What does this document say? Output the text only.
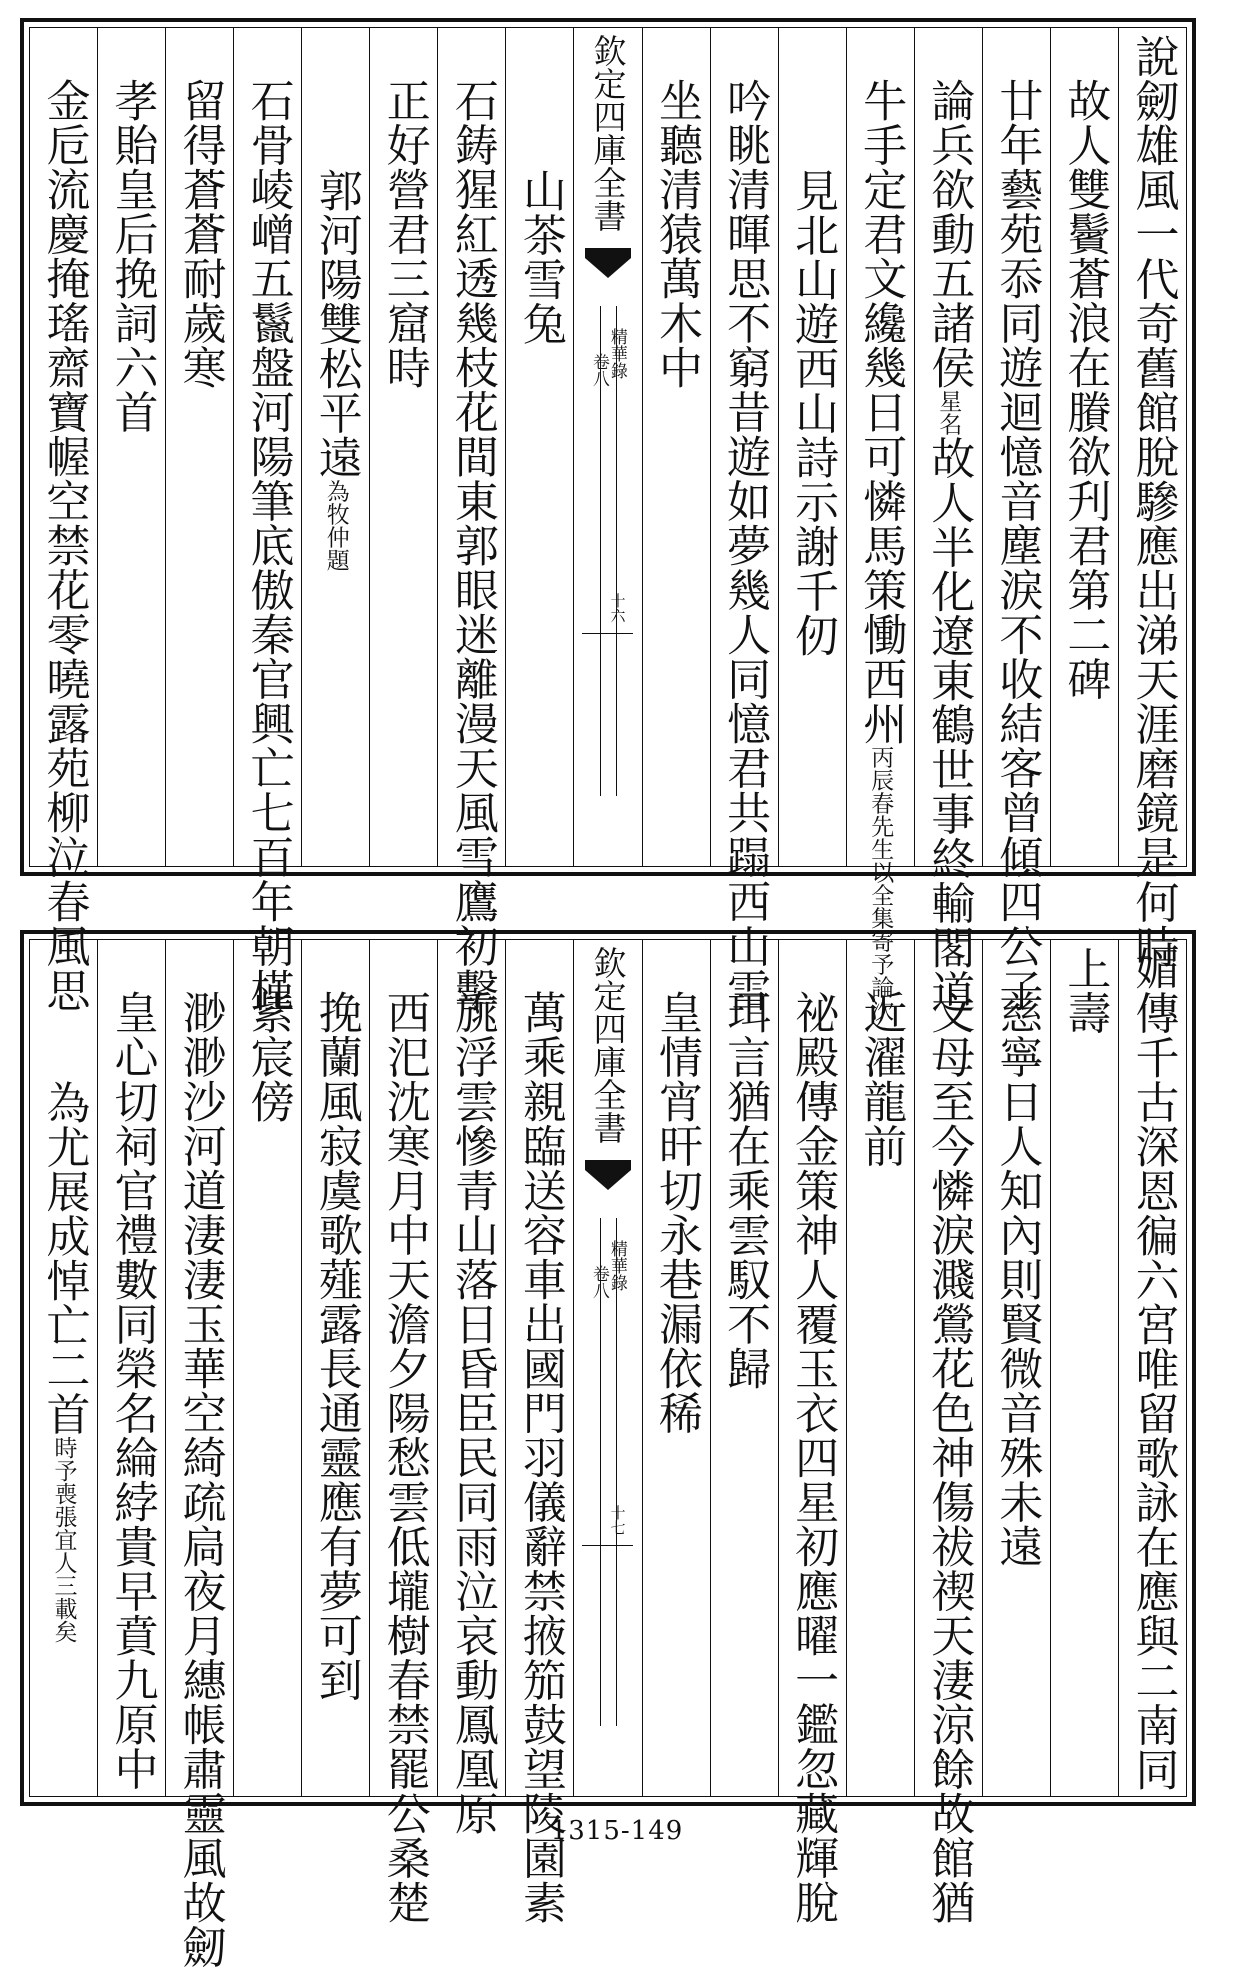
說劒雄風一代奇舊館脫驂應出涕天涯磨鏡是何時
故人雙鬢蒼浪在賸欲刋君第二碑
廿年藝苑忝同遊迴憶音塵淚不收結客曾傾四公子
論兵欲動五諸侯星名故人半化遼東鶴世事終輸閣道
牛手定君文纔幾日可憐馬策慟西州丙辰春先生以全集寄予論次
見北山遊西山詩示謝千仞
吟眺清暉思不窮昔遊如夢幾人同憶君共蹋西山雪
坐聽清猿萬木中
欽定四庫全書
精華錄
卷八
十六
山茶雪兔
石鋳猩紅透幾枝花間東郭眼迷離漫天風雪鷹初擊
正好營君三窟時
郭河陽雙松平遠為牧仲題
石骨崚嶒五鬣盤河陽筆底傲秦官興亡七百年朝槿
留得蒼蒼耐歲寒
孝貽皇后挽詞六首
金卮流慶掩瑤齋寶幄空禁花零曉露苑柳泣春風思
媚傳千古深恩徧六宮唯留歌詠在應與二南同
上壽
慈寧日人知內則賢微音殊未遠
文母至今憐淚濺鶯花色神傷祓禊天淒涼餘故館猶
近濯龍前
祕殿傳金策神人覆玉衣四星初應曜一鑑忽藏輝脫
珥言猶在乘雲馭不歸
皇情宵旰切永巷漏依稀
欽定四庫全書
精華錄
卷八
十七
萬乘親臨送容車出國門羽儀辭禁掖笳鼓望陵園素
旐浮雲慘青山落日昏臣民同雨泣哀動鳳凰原
西汜沈寒月中天澹夕陽愁雲低壠樹春禁罷公桑楚
挽蘭風寂虞歌薤露長通靈應有夢可到
紫宸傍
渺渺沙河道淒淒玉華空綺疏扃夜月繐帳肅靈風故劒
皇心切祠官禮數同榮名綸綍貴早賁九原中
為尤展成悼亡二首時予喪張宜人三載矣
1315-149
